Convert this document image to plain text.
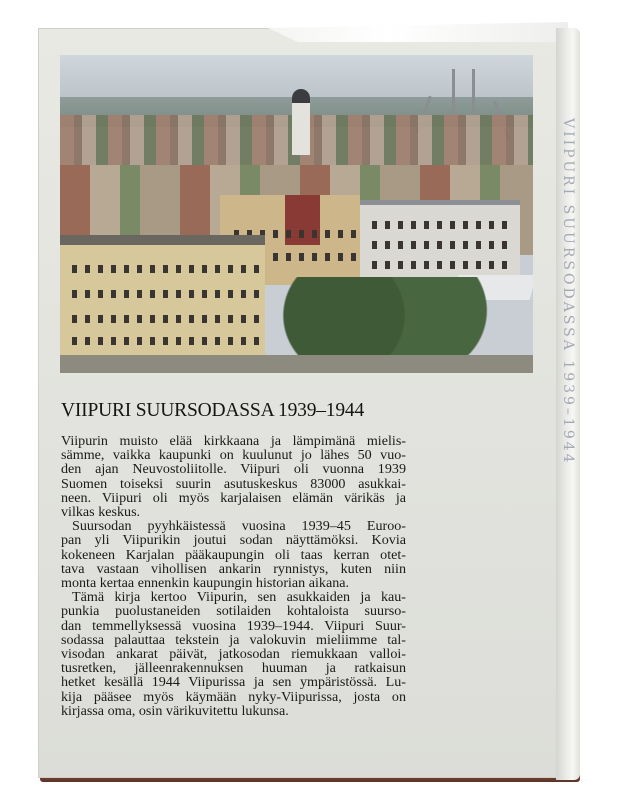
VIIPURI SUURSODASSA 1939–1944

Viipurin muisto elää kirkkaana ja lämpimänä mielis-
sämme, vaikka kaupunki on kuulunut jo lähes 50 vuo-
den ajan Neuvostoliitolle. Viipuri oli vuonna 1939
Suomen toiseksi suurin asutuskeskus 83000 asukkai-
neen. Viipuri oli myös karjalaisen elämän värikäs ja
vilkas keskus.

Suursodan pyyhkäistessä vuosina 1939–45 Euroo-
pan yli Viipurikin joutui sodan näyttämöksi. Kovia
kokeneen Karjalan pääkaupungin oli taas kerran otet-
tava vastaan vihollisen ankarin rynnistys, kuten niin
monta kertaa ennenkin kaupungin historian aikana.

Tämä kirja kertoo Viipurin, sen asukkaiden ja kau-
punkia puolustaneiden sotilaiden kohtaloista suurso-
dan temmellyksessä vuosina 1939–1944. Viipuri Suur-
sodassa palauttaa tekstein ja valokuvin mieliimme tal-
visodan ankarat päivät, jatkosodan riemukkaan valloi-
tusretken, jälleenrakennuksen huuman ja ratkaisun
hetket kesällä 1944 Viipurissa ja sen ympäristössä. Lu-
kija pääsee myös käymään nyky-Viipurissa, josta on
kirjassa oma, osin värikuvitettu lukunsa.

VIIPURI SUURSODASSA 1939–1944
